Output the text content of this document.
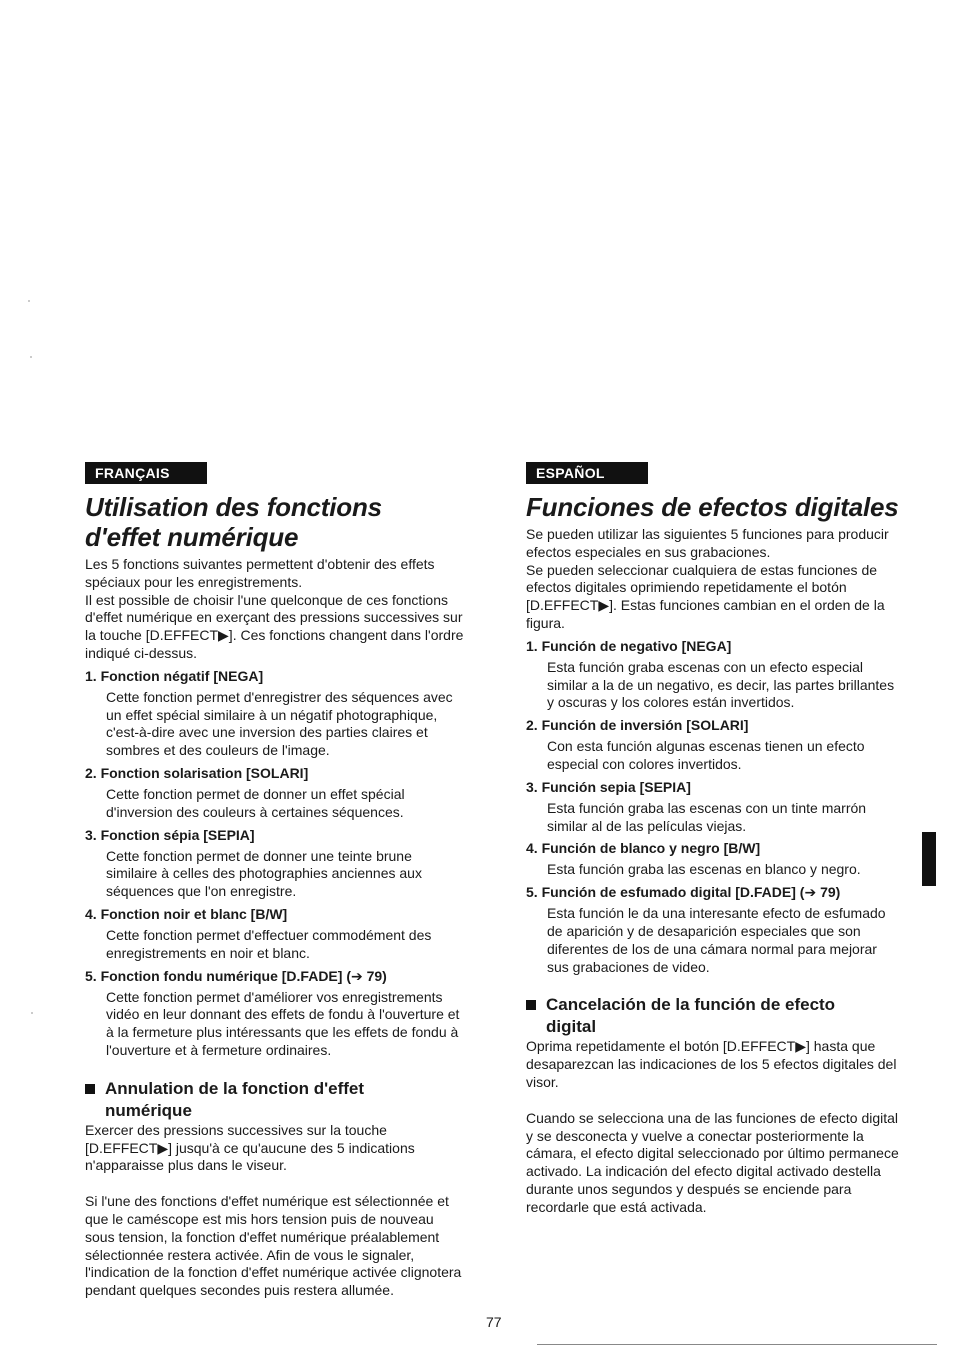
FRANÇAIS
Utilisation des fonctions
d'effet numérique

Les 5 fonctions suivantes permettent d'obtenir des effets spéciaux pour les enregistrements.

Il est possible de choisir l'une quelconque de ces fonctions d'effet numérique en exerçant des pressions successives sur la touche [D.EFFECT▶]. Ces fonctions changent dans l'ordre indiqué ci-dessus.

1. Fonction négatif [NEGA]

Cette fonction permet d'enregistrer des séquences avec un effet spécial similaire à un négatif photographique, c'est-à-dire avec une inversion des parties claires et sombres et des couleurs de l'image.

2. Fonction solarisation [SOLARI]

Cette fonction permet de donner un effet spécial d'inversion des couleurs à certaines séquences.

3. Fonction sépia [SEPIA]

Cette fonction permet de donner une teinte brune similaire à celles des photographies anciennes aux séquences que l'on enregistre.

4. Fonction noir et blanc [B/W]

Cette fonction permet d'effectuer commodément des enregistrements en noir et blanc.

5. Fonction fondu numérique [D.FADE] (➔ 79)

Cette fonction permet d'améliorer vos enregistrements vidéo en leur donnant des effets de fondu à l'ouverture et à la fermeture plus intéressants que les effets de fondu à l'ouverture et à fermeture ordinaires.

Annulation de la fonction d'effet
numérique

Exercer des pressions successives sur la touche [D.EFFECT▶] jusqu'à ce qu'aucune des 5 indications n'apparaisse plus dans le viseur.

Si l'une des fonctions d'effet numérique est sélectionnée et que le caméscope est mis hors tension puis de nouveau sous tension, la fonction d'effet numérique préalablement sélectionnée restera activée. Afin de vous le signaler, l'indication de la fonction d'effet numérique activée clignotera pendant quelques secondes puis restera allumée.

ESPAÑOL
Funciones de efectos digitales

Se pueden utilizar las siguientes 5 funciones para producir efectos especiales en sus grabaciones.

Se pueden seleccionar cualquiera de estas funciones de efectos digitales oprimiendo repetidamente el botón [D.EFFECT▶]. Estas funciones cambian en el orden de la figura.

1. Función de negativo [NEGA]

Esta función graba escenas con un efecto especial similar a la de un negativo, es decir, las partes brillantes y oscuras y los colores están invertidos.

2. Función de inversión [SOLARI]

Con esta función algunas escenas tienen un efecto especial con colores invertidos.

3. Función sepia [SEPIA]

Esta función graba las escenas con un tinte marrón similar al de las películas viejas.

4. Función de blanco y negro [B/W]

Esta función graba las escenas en blanco y negro.

5. Función de esfumado digital [D.FADE] (➔ 79)

Esta función le da una interesante efecto de esfumado de aparición y de desaparición especiales que son diferentes de los de una cámara normal para mejorar sus grabaciones de video.

Cancelación de la función de efecto
digital

Oprima repetidamente el botón [D.EFFECT▶] hasta que desaparezcan las indicaciones de los 5 efectos digitales del visor.

Cuando se selecciona una de las funciones de efecto digital y se desconecta y vuelve a conectar posteriormente la cámara, el efecto digital seleccionado por último permanece activado. La indicación del efecto digital activado destella durante unos segundos y después se enciende para recordarle que está activada.

77
